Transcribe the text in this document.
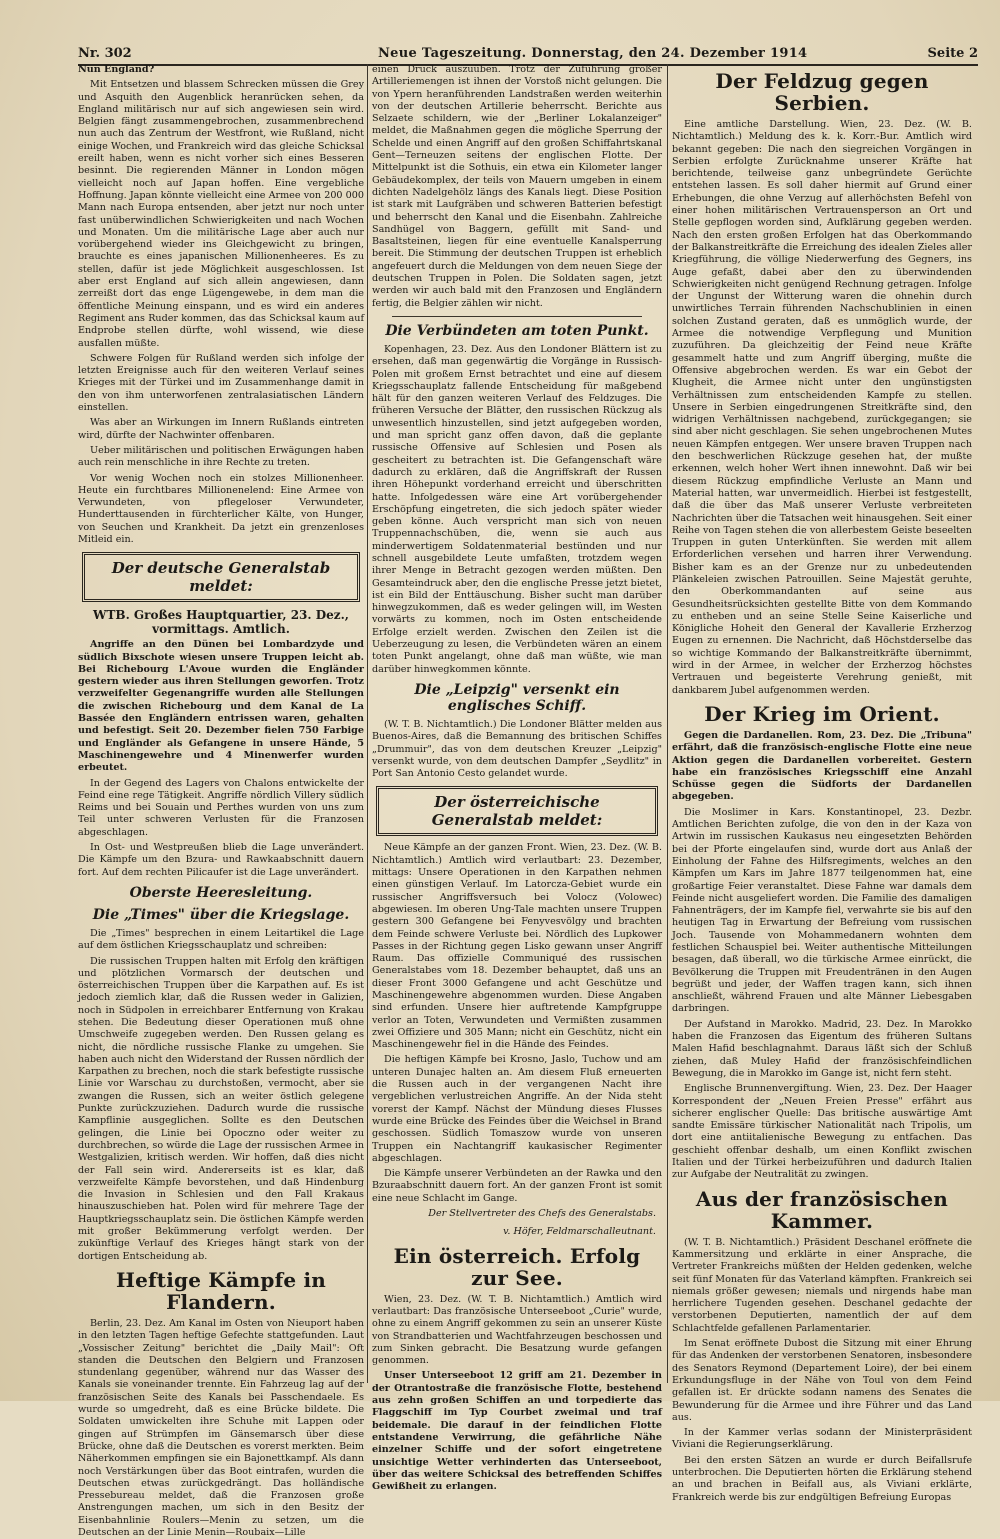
Nr. 302	Neue Tageszeitung. Donnerstag, den 24. Dezember 1914	Seite 2

Nun England?

Mit Entsetzen und blassem Schrecken müssen die Grey und Asquith den Augenblick heranrücken sehen, da England militärisch nur auf sich angewiesen sein wird. Belgien fängt zusammengebrochen, zusammenbrechend nun auch das Zentrum der Westfront, wie Rußland, nicht einige Wochen, und Frankreich wird das gleiche Schicksal ereilt haben, wenn es nicht vorher sich eines Besseren besinnt. Die regierenden Männer in London mögen vielleicht noch auf Japan hoffen. Eine vergebliche Hoffnung. Japan könnte vielleicht eine Armee von 200 000 Mann nach Europa entsenden, aber jetzt nur noch unter fast unüberwindlichen Schwierigkeiten und nach Wochen und Monaten. Um die militärische Lage aber auch nur vorübergehend wieder ins Gleichgewicht zu bringen, brauchte es eines japanischen Millionenheeres. Es zu stellen, dafür ist jede Möglichkeit ausgeschlossen. Ist aber erst England auf sich allein angewiesen, dann zerreißt dort das enge Lügengewebe, in dem man die öffentliche Meinung einspann, und es wird ein anderes Regiment ans Ruder kommen, das das Schicksal kaum auf Endprobe stellen dürfte, wohl wissend, wie diese ausfallen müßte.

Schwere Folgen für Rußland werden sich infolge der letzten Ereignisse auch für den weiteren Verlauf seines Krieges mit der Türkei und im Zusammenhange damit in den von ihm unterworfenen zentralasiatischen Ländern einstellen.

Was aber an Wirkungen im Innern Rußlands eintreten wird, dürfte der Nachwinter offenbaren.

Ueber militärischen und politischen Erwägungen haben auch rein menschliche in ihre Rechte zu treten.

Vor wenig Wochen noch ein stolzes Millionenheer. Heute ein furchtbares Millionenelend: Eine Armee von Verwundeten, von pflegeloser Verwundeter, Hunderttausenden in fürchterlicher Kälte, von Hunger, von Seuchen und Krankheit. Da jetzt ein grenzenloses Mitleid ein.

Der deutsche Generalstab meldet:
WTB. Großes Hauptquartier, 23. Dez., vormittags. Amtlich.

Angriffe an den Dünen bei Lombardzyde und südlich Bixschote wiesen unsere Truppen leicht ab. Bei Richebourg L'Avoue wurden die Engländer gestern wieder aus ihren Stellungen geworfen. Trotz verzweifelter Gegenangriffe wurden alle Stellungen die zwischen Richebourg und dem Kanal de La Bassée den Engländern entrissen waren, gehalten und befestigt. Seit 20. Dezember fielen 750 Farbige und Engländer als Gefangene in unsere Hände, 5 Maschinengewehre und 4 Minenwerfer wurden erbeutet.

In der Gegend des Lagers von Chalons entwickelte der Feind eine rege Tätigkeit. Angriffe nördlich Villery südlich Reims und bei Souain und Perthes wurden von uns zum Teil unter schweren Verlusten für die Franzosen abgeschlagen.

In Ost- und Westpreußen blieb die Lage unverändert. Die Kämpfe um den Bzura- und Rawkaabschnitt dauern fort. Auf dem rechten Pilicaufer ist die Lage unverändert.

Oberste Heeresleitung.
Die „Times" über die Kriegslage.

Die „Times" besprechen in einem Leitartikel die Lage auf dem östlichen Kriegsschauplatz und schreiben:

Die russischen Truppen halten mit Erfolg den kräftigen und plötzlichen Vormarsch der deutschen und österreichischen Truppen über die Karpathen auf. Es ist jedoch ziemlich klar, daß die Russen weder in Galizien, noch in Südpolen in erreichbarer Entfernung von Krakau stehen. Die Bedeutung dieser Operationen muß ohne Umschweife zugegeben werden. Den Russen gelang es nicht, die nördliche russische Flanke zu umgehen. Sie haben auch nicht den Widerstand der Russen nördlich der Karpathen zu brechen, noch die stark befestigte russische Linie vor Warschau zu durchstoßen, vermocht, aber sie zwangen die Russen, sich an weiter östlich gelegene Punkte zurückzuziehen. Dadurch wurde die russische Kampflinie ausgeglichen. Sollte es den Deutschen gelingen, die Linie bei Opoczno oder weiter zu durchbrechen, so würde die Lage der russischen Armee in Westgalizien, kritisch werden. Wir hoffen, daß dies nicht der Fall sein wird. Andererseits ist es klar, daß verzweifelte Kämpfe bevorstehen, und daß Hindenburg die Invasion in Schlesien und den Fall Krakaus hinauszuschieben hat. Polen wird für mehrere Tage der Hauptkriegsschauplatz sein. Die östlichen Kämpfe werden mit großer Bekümmerung verfolgt werden. Der zukünftige Verlauf des Krieges hängt stark von der dortigen Entscheidung ab.

Heftige Kämpfe in Flandern.

Berlin, 23. Dez. Am Kanal im Osten von Nieuport haben in den letzten Tagen heftige Gefechte stattgefunden. Laut „Vossischer Zeitung" berichtet die „Daily Mail": Oft standen die Deutschen den Belgiern und Franzosen stundenlang gegenüber, während nur das Wasser des Kanals sie voneinander trennte. Ein Fahrzeug lag auf der französischen Seite des Kanals bei Passchendaele. Es wurde so umgedreht, daß es eine Brücke bildete. Die Soldaten umwickelten ihre Schuhe mit Lappen oder gingen auf Strümpfen im Gänsemarsch über diese Brücke, ohne daß die Deutschen es vorerst merkten. Beim Näherkommen empfingen sie ein Bajonettkampf. Als dann noch Verstärkungen über das Boot eintrafen, wurden die Deutschen etwas zurückgedrängt. Das holländische Pressebureau meldet, daß die Franzosen große Anstrengungen machen, um sich in den Besitz der Eisenbahnlinie Roulers—Menin zu setzen, um die Deutschen an der Linie Menin—Roubaix—Lille

einen Druck auszuüben. Trotz der Zuführung großer Artilleriemengen ist ihnen der Vorstoß nicht gelungen. Die von Ypern heranführenden Landstraßen werden weiterhin von der deutschen Artillerie beherrscht. Berichte aus Selzaete schildern, wie der „Berliner Lokalanzeiger" meldet, die Maßnahmen gegen die mögliche Sperrung der Schelde und einen Angriff auf den großen Schiffahrtskanal Gent—Terneuzen seitens der englischen Flotte. Der Mittelpunkt ist die Sothuis, ein etwa ein Kilometer langer Gebäudekomplex, der teils von Mauern umgeben in einem dichten Nadelgehölz längs des Kanals liegt. Diese Position ist stark mit Laufgräben und schweren Batterien befestigt und beherrscht den Kanal und die Eisenbahn. Zahlreiche Sandhügel von Baggern, gefüllt mit Sand- und Basaltsteinen, liegen für eine eventuelle Kanalsperrung bereit. Die Stimmung der deutschen Truppen ist erheblich angefeuert durch die Meldungen von dem neuen Siege der deutschen Truppen in Polen. Die Soldaten sagen, jetzt werden wir auch bald mit den Franzosen und Engländern fertig, die Belgier zählen wir nicht.

Die Verbündeten am toten Punkt.

Kopenhagen, 23. Dez. Aus den Londoner Blättern ist zu ersehen, daß man gegenwärtig die Vorgänge in Russisch-Polen mit großem Ernst betrachtet und eine auf diesem Kriegsschauplatz fallende Entscheidung für maßgebend hält für den ganzen weiteren Verlauf des Feldzuges. Die früheren Versuche der Blätter, den russischen Rückzug als unwesentlich hinzustellen, sind jetzt aufgegeben worden, und man spricht ganz offen davon, daß die geplante russische Offensive auf Schlesien und Posen als gescheitert zu betrachten ist. Die Gefangenschaft wäre dadurch zu erklären, daß die Angriffskraft der Russen ihren Höhepunkt vorderhand erreicht und überschritten hatte. Infolgedessen wäre eine Art vorübergehender Erschöpfung eingetreten, die sich jedoch später wieder geben könne. Auch verspricht man sich von neuen Truppennachschüben, die, wenn sie auch aus minderwertigem Soldatenmaterial bestünden und nur schnell ausgebildete Leute umfaßten, trotzdem wegen ihrer Menge in Betracht gezogen werden müßten. Den Gesamteindruck aber, den die englische Presse jetzt bietet, ist ein Bild der Enttäuschung. Bisher sucht man darüber hinwegzukommen, daß es weder gelingen will, im Westen vorwärts zu kommen, noch im Osten entscheidende Erfolge erzielt werden. Zwischen den Zeilen ist die Ueberzeugung zu lesen, die Verbündeten wären an einem toten Punkt angelangt, ohne daß man wüßte, wie man darüber hinwegkommen könnte.

Die „Leipzig" versenkt ein englisches Schiff.

(W. T. B. Nichtamtlich.) Die Londoner Blätter melden aus Buenos-Aires, daß die Bemannung des britischen Schiffes „Drummuir", das von dem deutschen Kreuzer „Leipzig" versenkt wurde, von dem deutschen Dampfer „Seydlitz" in Port San Antonio Cesto gelandet wurde.

Der österreichische Generalstab meldet:

Neue Kämpfe an der ganzen Front. Wien, 23. Dez. (W. B. Nichtamtlich.) Amtlich wird verlautbart: 23. Dezember, mittags: Unsere Operationen in den Karpathen nehmen einen günstigen Verlauf. Im Latorcza-Gebiet wurde ein russischer Angriffsversuch bei Volocz (Volowec) abgewiesen. Im oberen Ung-Tale machten unsere Truppen gestern 300 Gefangene bei Fenyvesvölgy und brachten dem Feinde schwere Verluste bei. Nördlich des Lupkower Passes in der Richtung gegen Lisko gewann unser Angriff Raum. Das offizielle Communiqué des russischen Generalstabes vom 18. Dezember behauptet, daß uns an dieser Front 3000 Gefangene und acht Geschütze und Maschinengewehre abgenommen wurden. Diese Angaben sind erfunden. Unsere hier auftretende Kampfgruppe verlor an Toten, Verwundeten und Vermißten zusammen zwei Offiziere und 305 Mann; nicht ein Geschütz, nicht ein Maschinengewehr fiel in die Hände des Feindes.

Die heftigen Kämpfe bei Krosno, Jaslo, Tuchow und am unteren Dunajec halten an. Am diesem Fluß erneuerten die Russen auch in der vergangenen Nacht ihre vergeblichen verlustreichen Angriffe. An der Nida steht vorerst der Kampf. Nächst der Mündung dieses Flusses wurde eine Brücke des Feindes über die Weichsel in Brand geschossen. Südlich Tomaszow wurde von unseren Truppen ein Nachtangriff kaukasischer Regimenter abgeschlagen.

Die Kämpfe unserer Verbündeten an der Rawka und den Bzuraabschnitt dauern fort. An der ganzen Front ist somit eine neue Schlacht im Gange.

Der Stellvertreter des Chefs des Generalstabs.
v. Höfer, Feldmarschalleutnant.
Ein österreich. Erfolg zur See.

Wien, 23. Dez. (W. T. B. Nichtamtlich.) Amtlich wird verlautbart: Das französische Unterseeboot „Curie" wurde, ohne zu einem Angriff gekommen zu sein an unserer Küste von Strandbatterien und Wachtfahrzeugen beschossen und zum Sinken gebracht. Die Besatzung wurde gefangen genommen.

Unser Unterseeboot 12 griff am 21. Dezember in der Otrantostraße die französische Flotte, bestehend aus zehn großen Schiffen an und torpedierte das Flaggschiff im Typ Courbet zweimal und traf beidemale. Die darauf in der feindlichen Flotte entstandene Verwirrung, die gefährliche Nähe einzelner Schiffe und der sofort eingetretene unsichtige Wetter verhinderten das Unterseeboot, über das weitere Schicksal des betreffenden Schiffes Gewißheit zu erlangen.

Der Feldzug gegen Serbien.

Eine amtliche Darstellung. Wien, 23. Dez. (W. B. Nichtamtlich.) Meldung des k. k. Korr.-Bur. Amtlich wird bekannt gegeben: Die nach den siegreichen Vorgängen in Serbien erfolgte Zurücknahme unserer Kräfte hat berichtende, teilweise ganz unbegründete Gerüchte entstehen lassen. Es soll daher hiermit auf Grund einer Erhebungen, die ohne Verzug auf allerhöchsten Befehl von einer hohen militärischen Vertrauensperson an Ort und Stelle gepflogen worden sind, Aufklärung gegeben werden. Nach den ersten großen Erfolgen hat das Oberkommando der Balkanstreitkräfte die Erreichung des idealen Zieles aller Kriegführung, die völlige Niederwerfung des Gegners, ins Auge gefaßt, dabei aber den zu überwindenden Schwierigkeiten nicht genügend Rechnung getragen. Infolge der Ungunst der Witterung waren die ohnehin durch unwirtliches Terrain führenden Nachschublinien in einen solchen Zustand geraten, daß es unmöglich wurde, der Armee die notwendige Verpflegung und Munition zuzuführen. Da gleichzeitig der Feind neue Kräfte gesammelt hatte und zum Angriff überging, mußte die Offensive abgebrochen werden. Es war ein Gebot der Klugheit, die Armee nicht unter den ungünstigsten Verhältnissen zum entscheidenden Kampfe zu stellen. Unsere in Serbien eingedrungenen Streitkräfte sind, den widrigen Verhältnissen nachgebend, zurückgegangen; sie sind aber nicht geschlagen. Sie sehen ungebrochenen Mutes neuen Kämpfen entgegen. Wer unsere braven Truppen nach den beschwerlichen Rückzuge gesehen hat, der mußte erkennen, welch hoher Wert ihnen innewohnt. Daß wir bei diesem Rückzug empfindliche Verluste an Mann und Material hatten, war unvermeidlich. Hierbei ist festgestellt, daß die über das Maß unserer Verluste verbreiteten Nachrichten über die Tatsachen weit hinausgehen. Seit einer Reihe von Tagen stehen die von allerbestem Geiste beseelten Truppen in guten Unterkünften. Sie werden mit allem Erforderlichen versehen und harren ihrer Verwendung. Bisher kam es an der Grenze nur zu unbedeutenden Plänkeleien zwischen Patrouillen. Seine Majestät geruhte, den Oberkommandanten auf seine aus Gesundheitsrücksichten gestellte Bitte von dem Kommando zu entheben und an seine Stelle Seine Kaiserliche und Königliche Hoheit den General der Kavallerie Erzherzog Eugen zu ernennen. Die Nachricht, daß Höchstderselbe das so wichtige Kommando der Balkanstreitkräfte übernimmt, wird in der Armee, in welcher der Erzherzog höchstes Vertrauen und begeisterte Verehrung genießt, mit dankbarem Jubel aufgenommen werden.

Der Krieg im Orient.

Gegen die Dardanellen. Rom, 23. Dez. Die „Tribuna" erfährt, daß die französisch-englische Flotte eine neue Aktion gegen die Dardanellen vorbereitet. Gestern habe ein französisches Kriegsschiff eine Anzahl Schüsse gegen die Südforts der Dardanellen abgegeben.

Die Moslimer in Kars. Konstantinopel, 23. Dezbr. Amtlichen Berichten zufolge, die von den in der Kaza von Artwin im russischen Kaukasus neu eingesetzten Behörden bei der Pforte eingelaufen sind, wurde dort aus Anlaß der Einholung der Fahne des Hilfsregiments, welches an den Kämpfen um Kars im Jahre 1877 teilgenommen hat, eine großartige Feier veranstaltet. Diese Fahne war damals dem Feinde nicht ausgeliefert worden. Die Familie des damaligen Fahnenträgers, der im Kampfe fiel, verwahrte sie bis auf den heutigen Tag in Erwartung der Befreiung vom russischen Joch. Tausende von Mohammedanern wohnten dem festlichen Schauspiel bei. Weiter authentische Mitteilungen besagen, daß überall, wo die türkische Armee einrückt, die Bevölkerung die Truppen mit Freudentränen in den Augen begrüßt und jeder, der Waffen tragen kann, sich ihnen anschließt, während Frauen und alte Männer Liebesgaben darbringen.

Der Aufstand in Marokko. Madrid, 23. Dez. In Marokko haben die Franzosen das Eigentum des früheren Sultans Malen Hafid beschlagnahmt. Daraus läßt sich der Schluß ziehen, daß Muley Hafid der französischfeindlichen Bewegung, die in Marokko im Gange ist, nicht fern steht.

Englische Brunnenvergiftung. Wien, 23. Dez. Der Haager Korrespondent der „Neuen Freien Presse" erfährt aus sicherer englischer Quelle: Das britische auswärtige Amt sandte Emissäre türkischer Nationalität nach Tripolis, um dort eine antiitalienische Bewegung zu entfachen. Das geschieht offenbar deshalb, um einen Konflikt zwischen Italien und der Türkei herbeizuführen und dadurch Italien zur Aufgabe der Neutralität zu zwingen.

Aus der französischen Kammer.

(W. T. B. Nichtamtlich.) Präsident Deschanel eröffnete die Kammersitzung und erklärte in einer Ansprache, die Vertreter Frankreichs müßten der Helden gedenken, welche seit fünf Monaten für das Vaterland kämpften. Frankreich sei niemals größer gewesen; niemals und nirgends habe man herrlichere Tugenden gesehen. Deschanel gedachte der verstorbenen Deputierten, namentlich der auf dem Schlachtfelde gefallenen Parlamentarier.

Im Senat eröffnete Dubost die Sitzung mit einer Ehrung für das Andenken der verstorbenen Senatoren, insbesondere des Senators Reymond (Departement Loire), der bei einem Erkundungsfluge in der Nähe von Toul von dem Feind gefallen ist. Er drückte sodann namens des Senates die Bewunderung für die Armee und ihre Führer und das Land aus.

In der Kammer verlas sodann der Ministerpräsident Viviani die Regierungserklärung.

Bei den ersten Sätzen an wurde er durch Beifallsrufe unterbrochen. Die Deputierten hörten die Erklärung stehend an und brachen in Beifall aus, als Viviani erklärte, Frankreich werde bis zur endgültigen Befreiung Europas
